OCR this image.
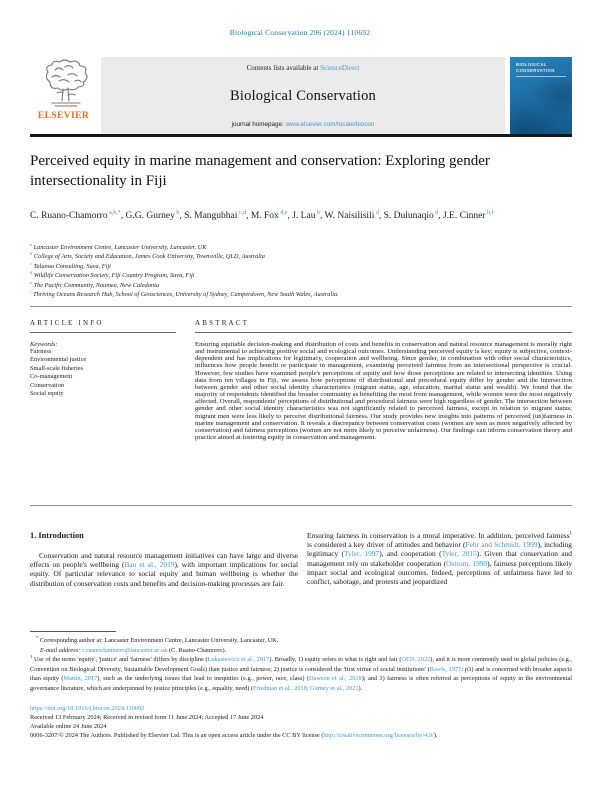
Biological Conservation 296 (2024) 110692
ELSEVIER
Contents lists available at ScienceDirect
Biological Conservation
journal homepage: www.elsevier.com/locate/biocon
BIOLOGICAL
CONSERVATION
Perceived equity in marine management and conservation: Exploring gender intersectionality in Fiji
C. Ruano-Chamorro $^{a,b,*}$, G.G. Gurney $^b$, S. Mangubhai $^{c,d}$, M. Fox $^{d,e}$, J. Lau $^b$, W. Naisilisili $^d$, S. Dulunaqio $^d$, J.E. Cinner $^{b,f}$
$^a$ Lancaster Environment Centre, Lancaster University, Lancaster, UK
$^b$ College of Arts, Society and Education, James Cook University, Townsville, QLD, Australia
$^c$ Talanoa Consulting, Suva, Fiji
$^d$ Wildlife Conservation Society, Fiji Country Program, Suva, Fiji
$^e$ The Pacific Community, Noumea, New Caledonia
$^f$ Thriving Oceans Research Hub, School of Geosciences, University of Sydney, Camperdown, New South Wales, Australia.
ARTICLE INFO
Keywords:
Fairness
Environmental justice
Small-scale fisheries
Co-management
Conservation
Social equity
ABSTRACT
Ensuring equitable decision-making and distribution of costs and benefits in conservation and natural resource management is morally right and instrumental to achieving positive social and ecological outcomes. Understanding perceived equity is key; equity is subjective, context-dependent and has implications for legitimacy, cooperation and wellbeing. Since gender, in combination with other social characteristics, influences how people benefit or participate in management, examining perceived fairness from an intersectional perspective is crucial. However, few studies have examined people's perceptions of equity and how those perceptions are related to intersecting identities. Using data from ten villages in Fiji, we assess how perceptions of distributional and procedural equity differ by gender and the intersection between gender and other social identity characteristics (migrant status, age, education, marital status and wealth). We found that the majority of respondents identified the broader community as benefiting the most from management, while women were the most negatively affected. Overall, respondents' perceptions of distributional and procedural fairness were high regardless of gender. The intersection between gender and other social identity characteristics was not significantly related to perceived fairness, except in relation to migrant status; migrant men were less likely to perceive distributional fairness. Our study provides new insights into patterns of perceived (un)fairness in marine management and conservation. It reveals a discrepancy between conservation costs (women are seen as more negatively affected by conservation) and fairness perceptions (women are not more likely to perceive unfairness). Our findings can inform conservation theory and practice aimed at fostering equity in conservation and management.
1. Introduction
Conservation and natural resource management initiatives can have large and diverse effects on people's wellbeing (Ban et al., 2019), with important implications for social equity. Of particular relevance to social equity and human wellbeing is whether the distribution of conservation costs and benefits and decision-making processes are fair.
Ensuring fairness in conservation is a moral imperative. In addition, perceived fairness$^1$ is considered a key driver of attitudes and behavior (Fehr and Schmidt, 1999), including legitimacy (Tyler, 1997), and cooperation (Tyler, 2015). Given that conservation and management rely on stakeholder cooperation (Ostrom, 1990), fairness perceptions likely impact social and ecological outcomes. Indeed, perceptions of unfairness have led to conflict, sabotage, and protests and jeopardized
* Corresponding author at: Lancaster Environment Centre, Lancaster University, Lancaster, UK.
E-mail address: c.ruanochamorro@lancaster.ac.uk (C. Ruano-Chamorro).
$^1$ Use of the terms 'equity', 'justice' and 'fairness' differs by discipline (Lukasiewicz et al., 2017). Broadly, 1) equity refers to what is right and fair (OED, 2022), and it is more commonly used in global policies (e.g., Convention on Biological Diversity, Sustainable Development Goals) than justice and fairness; 2) justice is considered the 'first virtue of social institutions' (Rawls, 1971: p3) and is concerned with broader aspects than equity (Martin, 2017), such as the underlying issues that lead to inequities (e.g., power, race, class) (Dawson et al., 2018); and 3) fairness is often referred as perceptions of equity in the environmental governance literature, which are underpinned by justice principles (e.g., equality, need) (Friedman et al., 2018; Gurney et al., 2021).
https://doi.org/10.1016/j.biocon.2024.110692
Received 13 February 2024; Received in revised form 11 June 2024; Accepted 17 June 2024
Available online 24 June 2024
0006-3207/© 2024 The Authors. Published by Elsevier Ltd. This is an open access article under the CC BY license (http://creativecommons.org/licenses/by/4.0/).
